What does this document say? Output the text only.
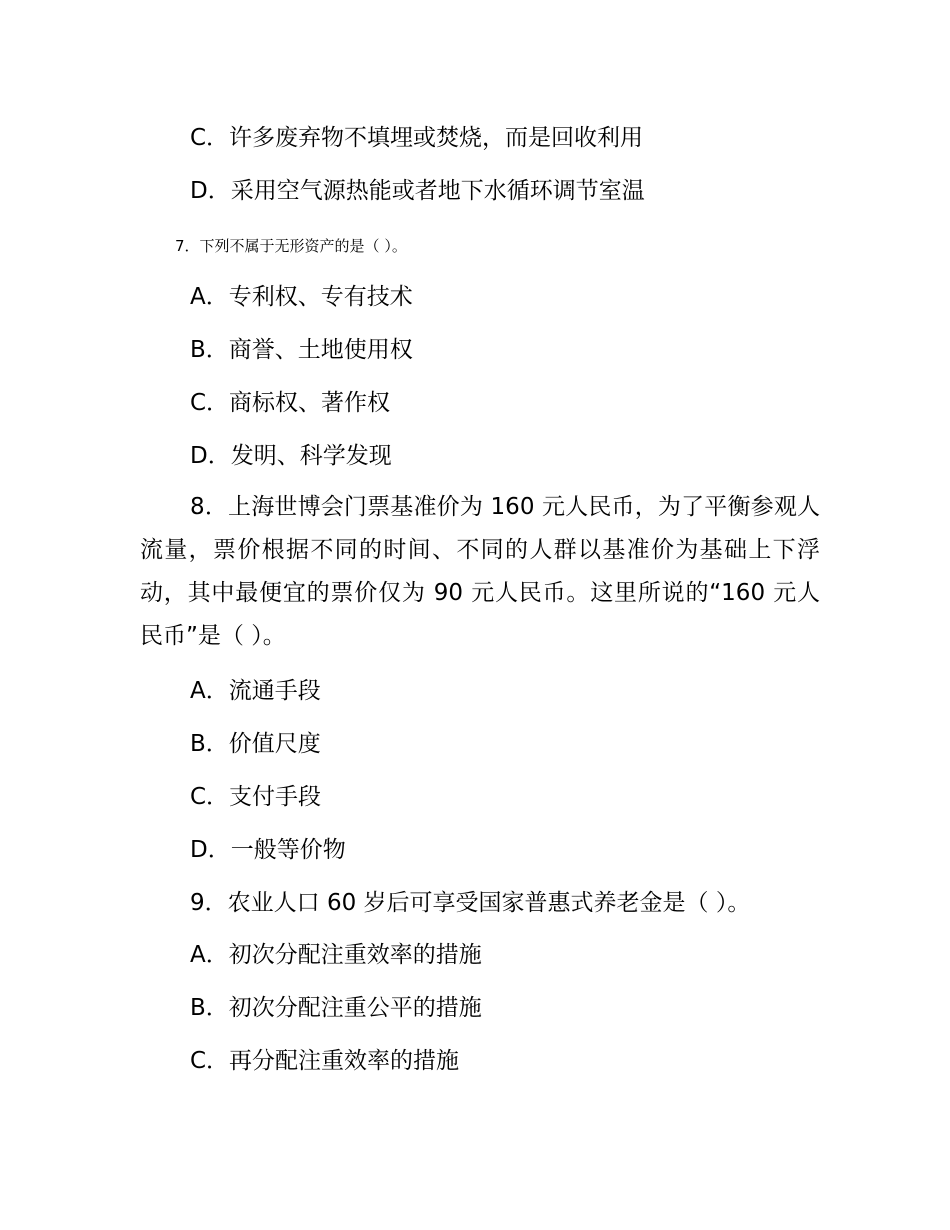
C．许多废弃物不填埋或焚烧，而是回收利用
D．采用空气源热能或者地下水循环调节室温
7．下列不属于无形资产的是（ ）。
A．专利权、专有技术
B．商誉、土地使用权
C．商标权、著作权
D．发明、科学发现
8．上海世博会门票基准价为 160 元人民币，为了平衡参观人流量，票价根据不同的时间、不同的人群以基准价为基础上下浮动，其中最便宜的票价仅为 90 元人民币。这里所说的“160 元人民币”是（ ）。
A．流通手段
B．价值尺度
C．支付手段
D．一般等价物
9．农业人口 60 岁后可享受国家普惠式养老金是（ ）。
A．初次分配注重效率的措施
B．初次分配注重公平的措施
C．再分配注重效率的措施
